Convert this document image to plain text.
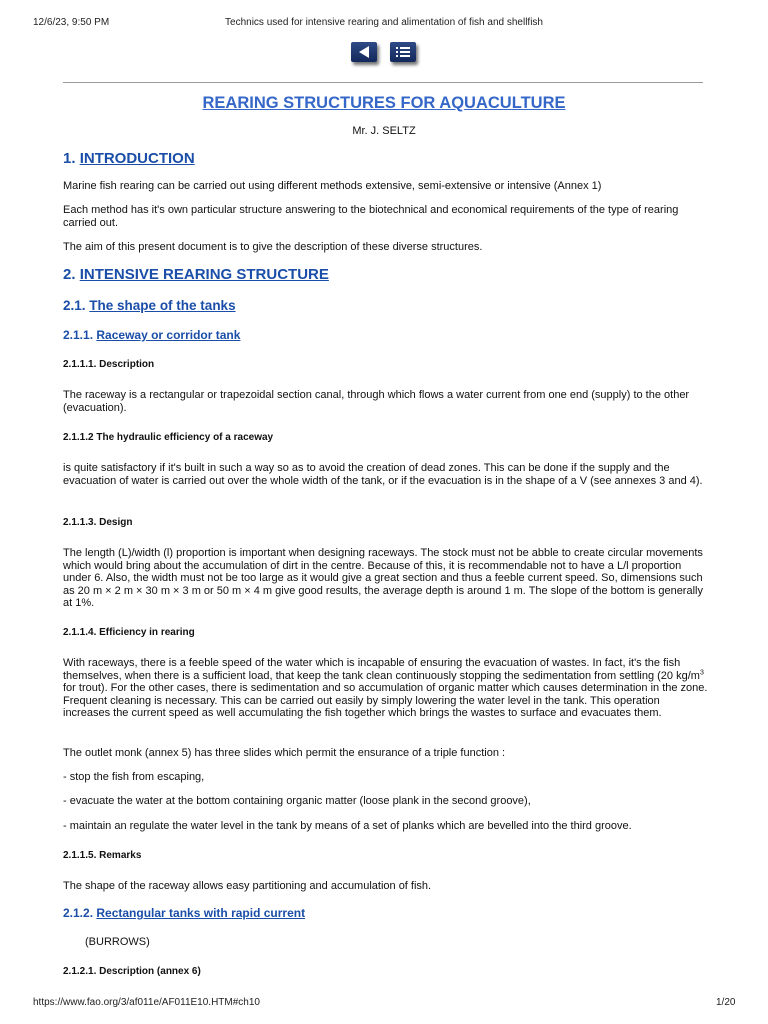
12/6/23, 9:50 PM	Technics used for intensive rearing and alimentation of fish and shellfish
REARING STRUCTURES FOR AQUACULTURE
Mr. J. SELTZ
1. INTRODUCTION
Marine fish rearing can be carried out using different methods extensive, semi-extensive or intensive (Annex 1)
Each method has it's own particular structure answering to the biotechnical and economical requirements of the type of rearing carried out.
The aim of this present document is to give the description of these diverse structures.
2. INTENSIVE REARING STRUCTURE
2.1. The shape of the tanks
2.1.1. Raceway or corridor tank
2.1.1.1. Description
The raceway is a rectangular or trapezoidal section canal, through which flows a water current from one end (supply) to the other (evacuation).
2.1.1.2 The hydraulic efficiency of a raceway
is quite satisfactory if it's built in such a way so as to avoid the creation of dead zones. This can be done if the supply and the evacuation of water is carried out over the whole width of the tank, or if the evacuation is in the shape of a V (see annexes 3 and 4).
2.1.1.3. Design
The length (L)/width (l) proportion is important when designing raceways. The stock must not be abble to create circular movements which would bring about the accumulation of dirt in the centre. Because of this, it is recommendable not to have a L/l proportion under 6. Also, the width must not be too large as it would give a great section and thus a feeble current speed. So, dimensions such as 20 m × 2 m × 30 m × 3 m or 50 m × 4 m give good results, the average depth is around 1 m. The slope of the bottom is generally at 1%.
2.1.1.4. Efficiency in rearing
With raceways, there is a feeble speed of the water which is incapable of ensuring the evacuation of wastes. In fact, it's the fish themselves, when there is a sufficient load, that keep the tank clean continuously stopping the sedimentation from settling (20 $kg/m^3$ for trout). For the other cases, there is sedimentation and so accumulation of organic matter which causes determination in the zone. Frequent cleaning is necessary. This can be carried out easily by simply lowering the water level in the tank. This operation increases the current speed as well accumulating the fish together which brings the wastes to surface and evacuates them.
The outlet monk (annex 5) has three slides which permit the ensurance of a triple function :
- stop the fish from escaping,
- evacuate the water at the bottom containing organic matter (loose plank in the second groove),
- maintain an regulate the water level in the tank by means of a set of planks which are bevelled into the third groove.
2.1.1.5. Remarks
The shape of the raceway allows easy partitioning and accumulation of fish.
2.1.2. Rectangular tanks with rapid current
(BURROWS)
2.1.2.1. Description (annex 6)
https://www.fao.org/3/af011e/AF011E10.HTM#ch10	1/20
